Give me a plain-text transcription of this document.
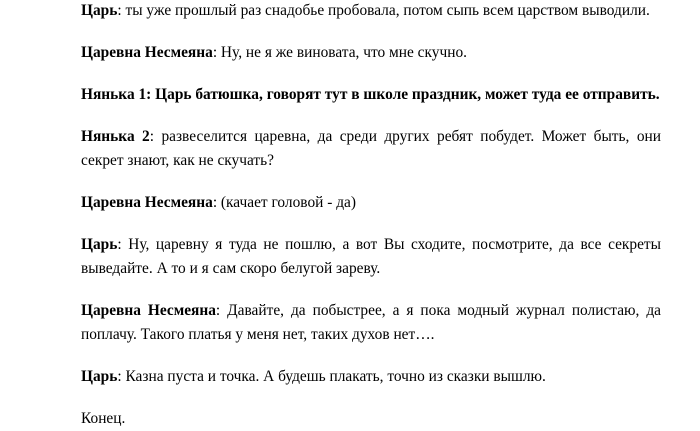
Царь: ты уже прошлый раз снадобье пробовала, потом сыпь всем царством выводили.

Царевна Несмеяна: Ну, не я же виновата, что мне скучно.

Нянька 1: Царь батюшка, говорят тут в школе праздник, может туда ее отправить.

Нянька 2: развеселится царевна, да среди других ребят побудет. Может быть, они секрет знают, как не скучать?

Царевна Несмеяна: (качает головой - да)

Царь: Ну, царевну я туда не пошлю, а вот Вы сходите, посмотрите, да все секреты выведайте. А то и я сам скоро белугой зареву.

Царевна Несмеяна: Давайте, да побыстрее, а я пока модный журнал полистаю, да поплачу. Такого платья у меня нет, таких духов нет….

Царь: Казна пуста и точка. А будешь плакать, точно из сказки вышлю.

Конец.
